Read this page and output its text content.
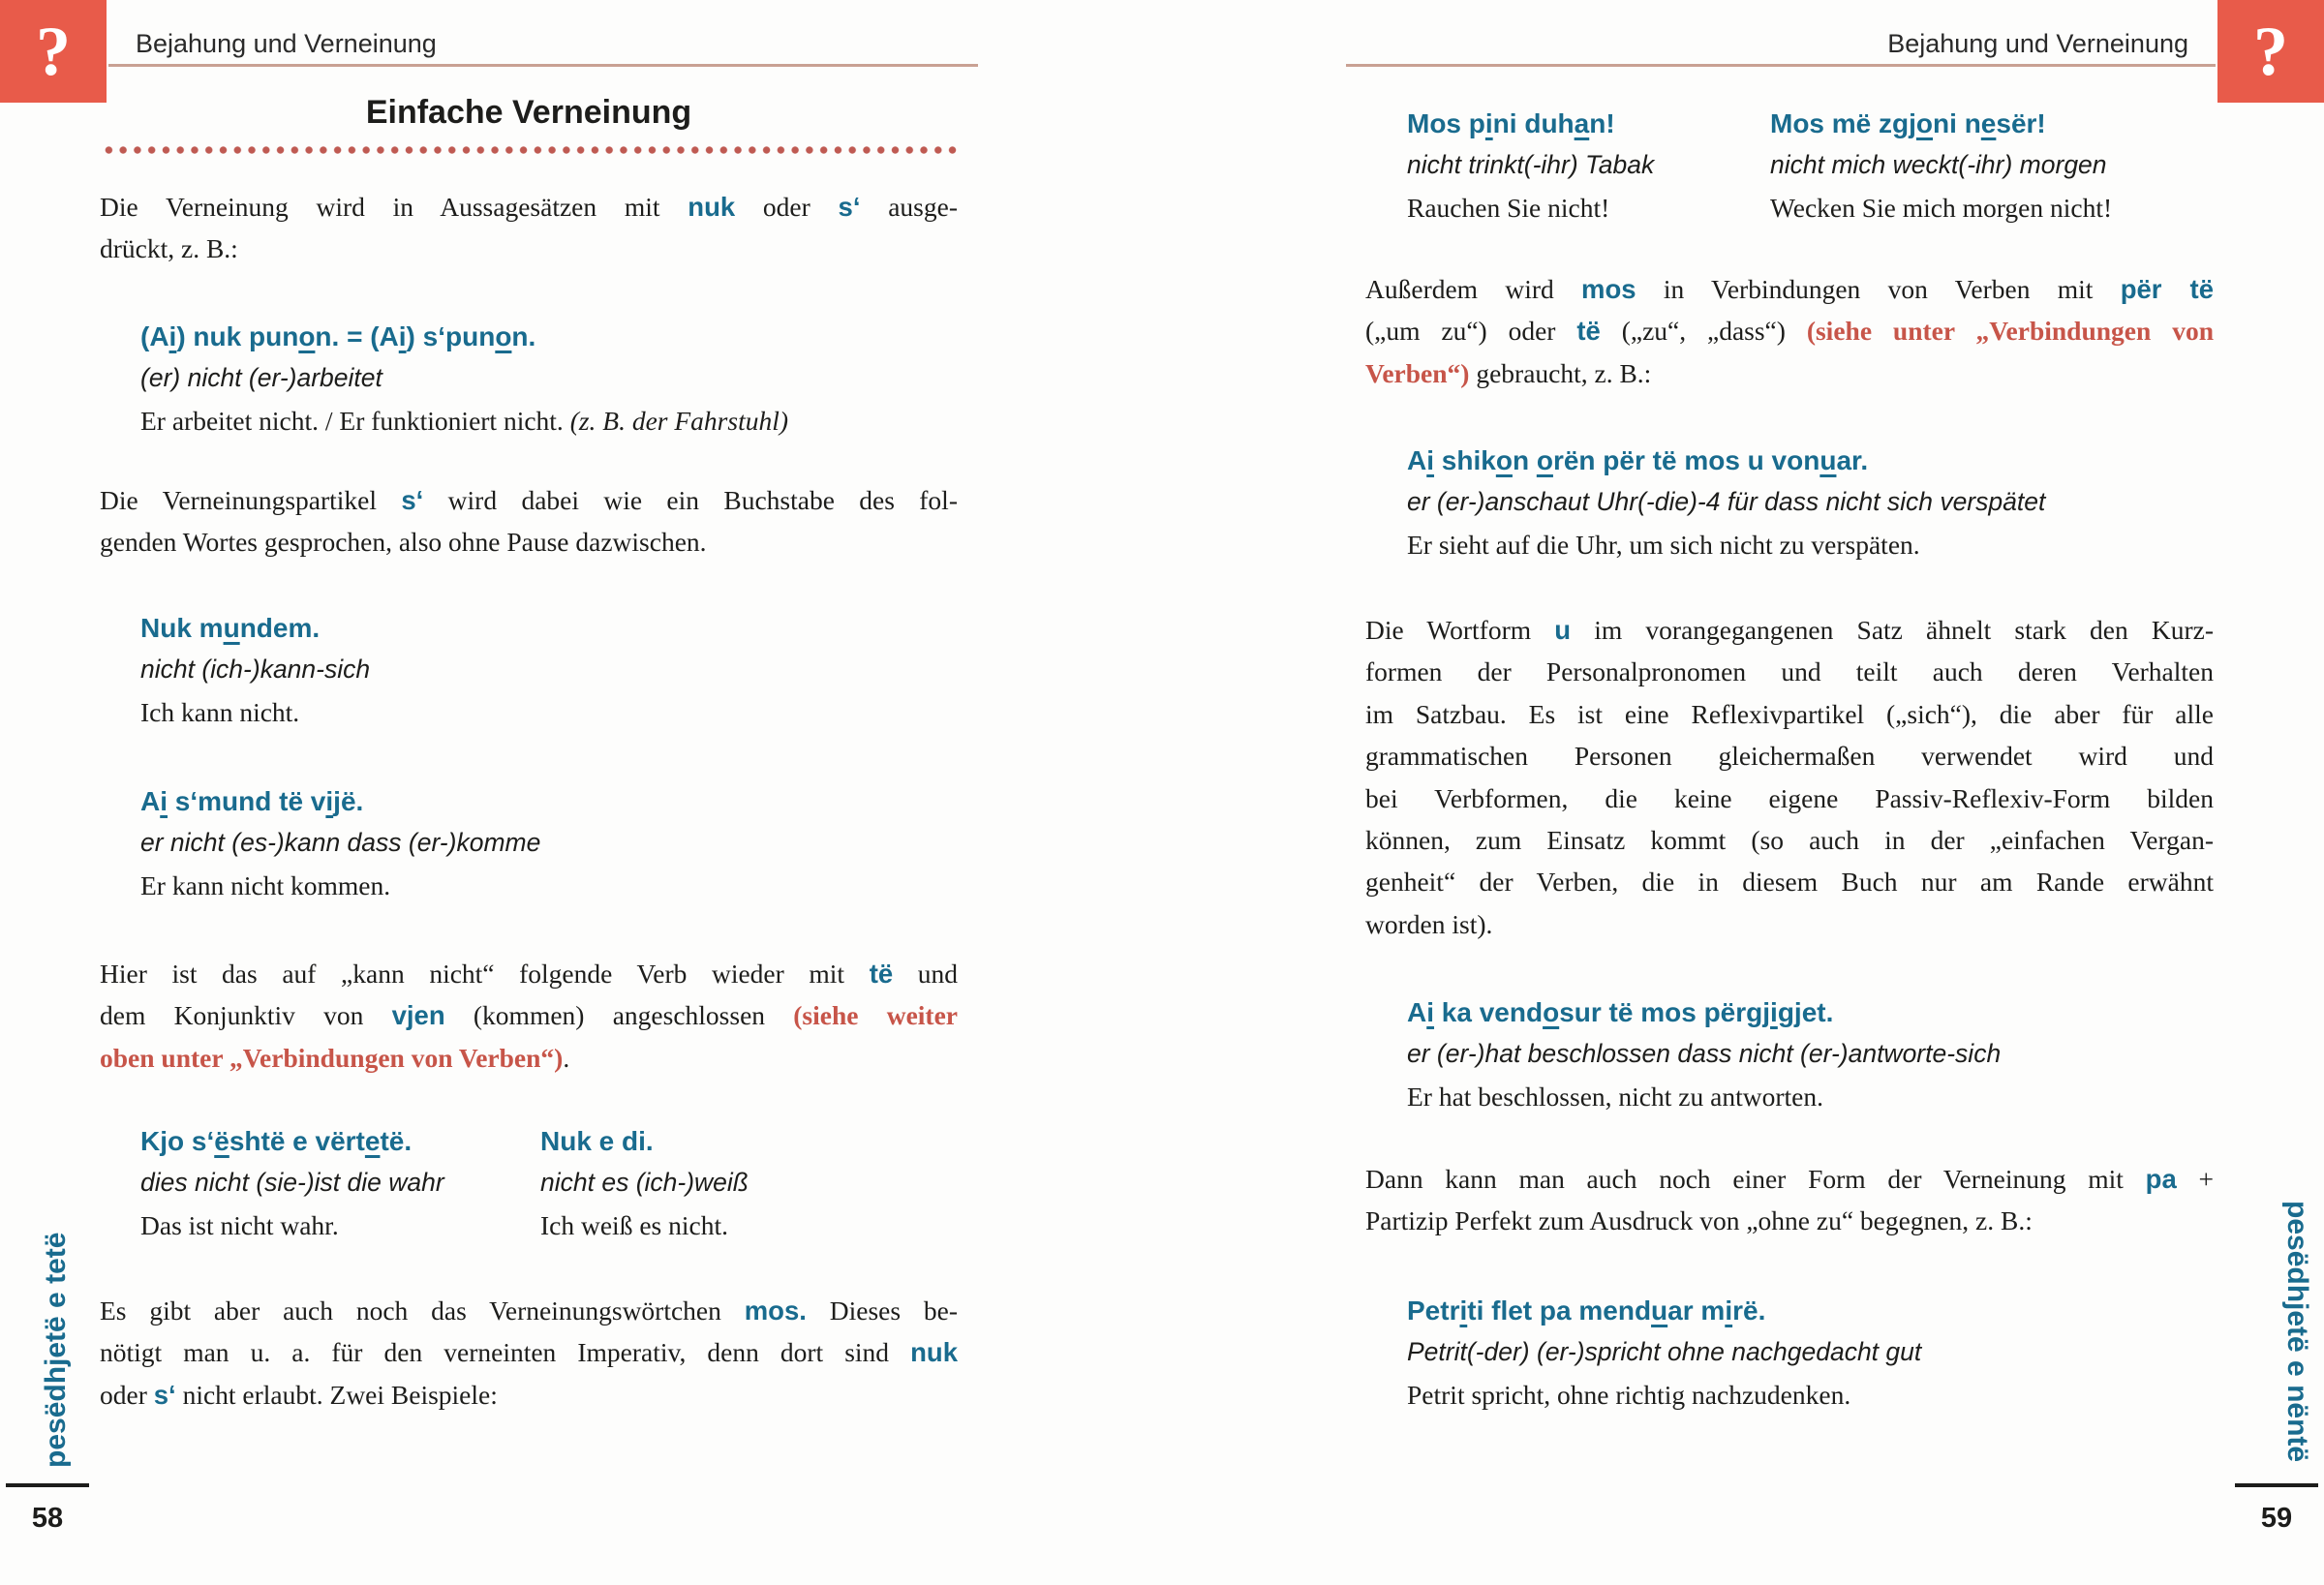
?	Bejahung und Verneinung
Einfache Verneinung
Die Verneinung wird in Aussagesätzen mit nuk oder s‘ ausge-
drückt, z. B.:
(Ai) nuk punon. = (Ai) s‘punon.
(er) nicht (er-)arbeitet
Er arbeitet nicht. / Er funktioniert nicht. (z. B. der Fahrstuhl)
Die Verneinungspartikel s‘ wird dabei wie ein Buchstabe des fol-
genden Wortes gesprochen, also ohne Pause dazwischen.
Nuk mundem.
nicht (ich-)kann-sich
Ich kann nicht.
Ai s‘mund të vijë.
er nicht (es-)kann dass (er-)komme
Er kann nicht kommen.
Hier ist das auf „kann nicht“ folgende Verb wieder mit të und
dem Konjunktiv von vjen (kommen) angeschlossen (siehe weiter
oben unter „Verbindungen von Verben“).
Kjo s‘është e vërtetë.
dies nicht (sie-)ist die wahr
Das ist nicht wahr.
Nuk e di.
nicht es (ich-)weiß
Ich weiß es nicht.
Es gibt aber auch noch das Verneinungswörtchen mos. Dieses be-
nötigt man u. a. für den verneinten Imperativ, denn dort sind nuk
oder s‘ nicht erlaubt. Zwei Beispiele:
pesëdhjetë e tetë
58
?
Bejahung und Verneinung
Mos pini duhan!
nicht trinkt(-ihr) Tabak
Rauchen Sie nicht!
Mos më zgjoni nesër!
nicht mich weckt(-ihr) morgen
Wecken Sie mich morgen nicht!
Außerdem wird mos in Verbindungen von Verben mit për të
(„um zu“) oder të („zu“, „dass“) (siehe unter „Verbindungen von
Verben“) gebraucht, z. B.:
Ai shikon orën për të mos u vonuar.
er (er-)anschaut Uhr(-die)-4 für dass nicht sich verspätet
Er sieht auf die Uhr, um sich nicht zu verspäten.
Die Wortform u im vorangegangenen Satz ähnelt stark den Kurz-
formen der Personalpronomen und teilt auch deren Verhalten
im Satzbau. Es ist eine Reflexivpartikel („sich“), die aber für alle
grammatischen Personen gleichermaßen verwendet wird und
bei Verbformen, die keine eigene Passiv-Reflexiv-Form bilden
können, zum Einsatz kommt (so auch in der „einfachen Vergan-
genheit“ der Verben, die in diesem Buch nur am Rande erwähnt
worden ist).
Ai ka vendosur të mos përgjigjet.
er (er-)hat beschlossen dass nicht (er-)antworte-sich
Er hat beschlossen, nicht zu antworten.
Dann kann man auch noch einer Form der Verneinung mit pa +
Partizip Perfekt zum Ausdruck von „ohne zu“ begegnen, z. B.:
Petriti flet pa menduar mirë.
Petrit(-der) (er-)spricht ohne nachgedacht gut
Petrit spricht, ohne richtig nachzudenken.	pesëdhjetë e nëntë
59
